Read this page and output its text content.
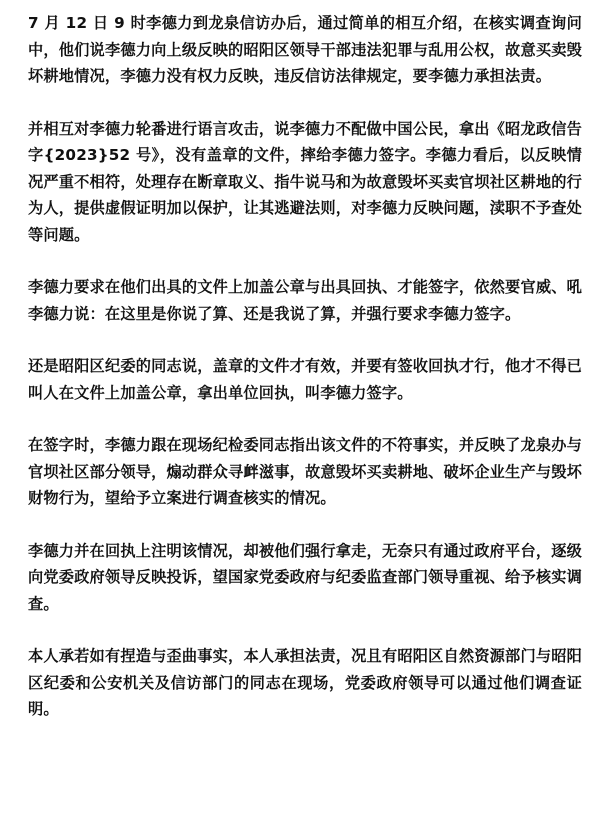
7 月 12 日 9 时李德力到龙泉信访办后，通过简单的相互介绍，在核实调查询问中，他们说李德力向上级反映的昭阳区领导干部违法犯罪与乱用公权，故意买卖毁坏耕地情况，李德力没有权力反映，违反信访法律规定，要李德力承担法责。

并相互对李德力轮番进行语言攻击，说李德力不配做中国公民，拿出《昭龙政信告字{2023}52 号》，没有盖章的文件，摔给李德力签字。李德力看后，以反映情况严重不相符，处理存在断章取义、指牛说马和为故意毁坏买卖官坝社区耕地的行为人，提供虚假证明加以保护，让其逃避法则，对李德力反映问题，渎职不予查处等问题。

李德力要求在他们出具的文件上加盖公章与出具回执、才能签字，依然要官威、吼李德力说：在这里是你说了算、还是我说了算，并强行要求李德力签字。

还是昭阳区纪委的同志说，盖章的文件才有效，并要有签收回执才行，他才不得已叫人在文件上加盖公章，拿出单位回执，叫李德力签字。

在签字时，李德力跟在现场纪检委同志指出该文件的不符事实，并反映了龙泉办与官坝社区部分领导，煽动群众寻衅滋事，故意毁坏买卖耕地、破坏企业生产与毁坏财物行为，望给予立案进行调查核实的情况。

李德力并在回执上注明该情况，却被他们强行拿走，无奈只有通过政府平台，逐级向党委政府领导反映投诉，望国家党委政府与纪委监查部门领导重视、给予核实调查。

本人承若如有捏造与歪曲事实，本人承担法责，况且有昭阳区自然资源部门与昭阳区纪委和公安机关及信访部门的同志在现场，党委政府领导可以通过他们调查证明。
